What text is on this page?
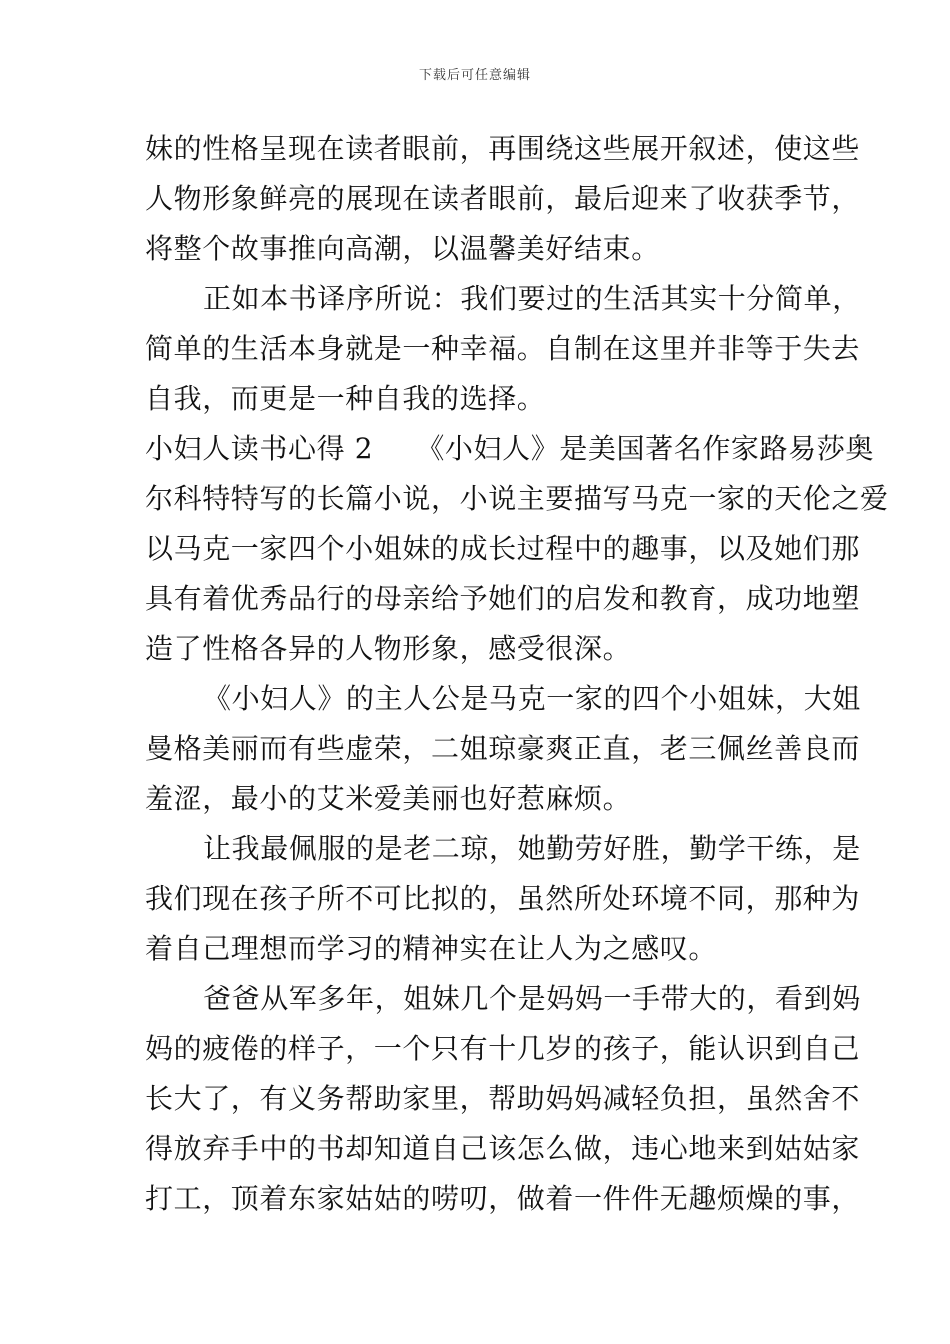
下载后可任意编辑
妹的性格呈现在读者眼前，再围绕这些展开叙述，使这些
人物形象鲜亮的展现在读者眼前，最后迎来了收获季节，
将整个故事推向高潮，以温馨美好结束。
正如本书译序所说：我们要过的生活其实十分简单，
简单的生活本身就是一种幸福。自制在这里并非等于失去
自我，而更是一种自我的选择。
小妇人读书心得 2　　《小妇人》是美国著名作家路易莎奥
尔科特特写的长篇小说，小说主要描写马克一家的天伦之爱
以马克一家四个小姐妹的成长过程中的趣事，以及她们那
具有着优秀品行的母亲给予她们的启发和教育，成功地塑
造了性格各异的人物形象，感受很深。
《小妇人》的主人公是马克一家的四个小姐妹，大姐
曼格美丽而有些虚荣，二姐琼豪爽正直，老三佩丝善良而
羞涩，最小的艾米爱美丽也好惹麻烦。
让我最佩服的是老二琼，她勤劳好胜，勤学干练，是
我们现在孩子所不可比拟的，虽然所处环境不同，那种为
着自己理想而学习的精神实在让人为之感叹。
爸爸从军多年，姐妹几个是妈妈一手带大的，看到妈
妈的疲倦的样子，一个只有十几岁的孩子，能认识到自己
长大了，有义务帮助家里，帮助妈妈减轻负担，虽然舍不
得放弃手中的书却知道自己该怎么做，违心地来到姑姑家
打工，顶着东家姑姑的唠叨，做着一件件无趣烦燥的事，
